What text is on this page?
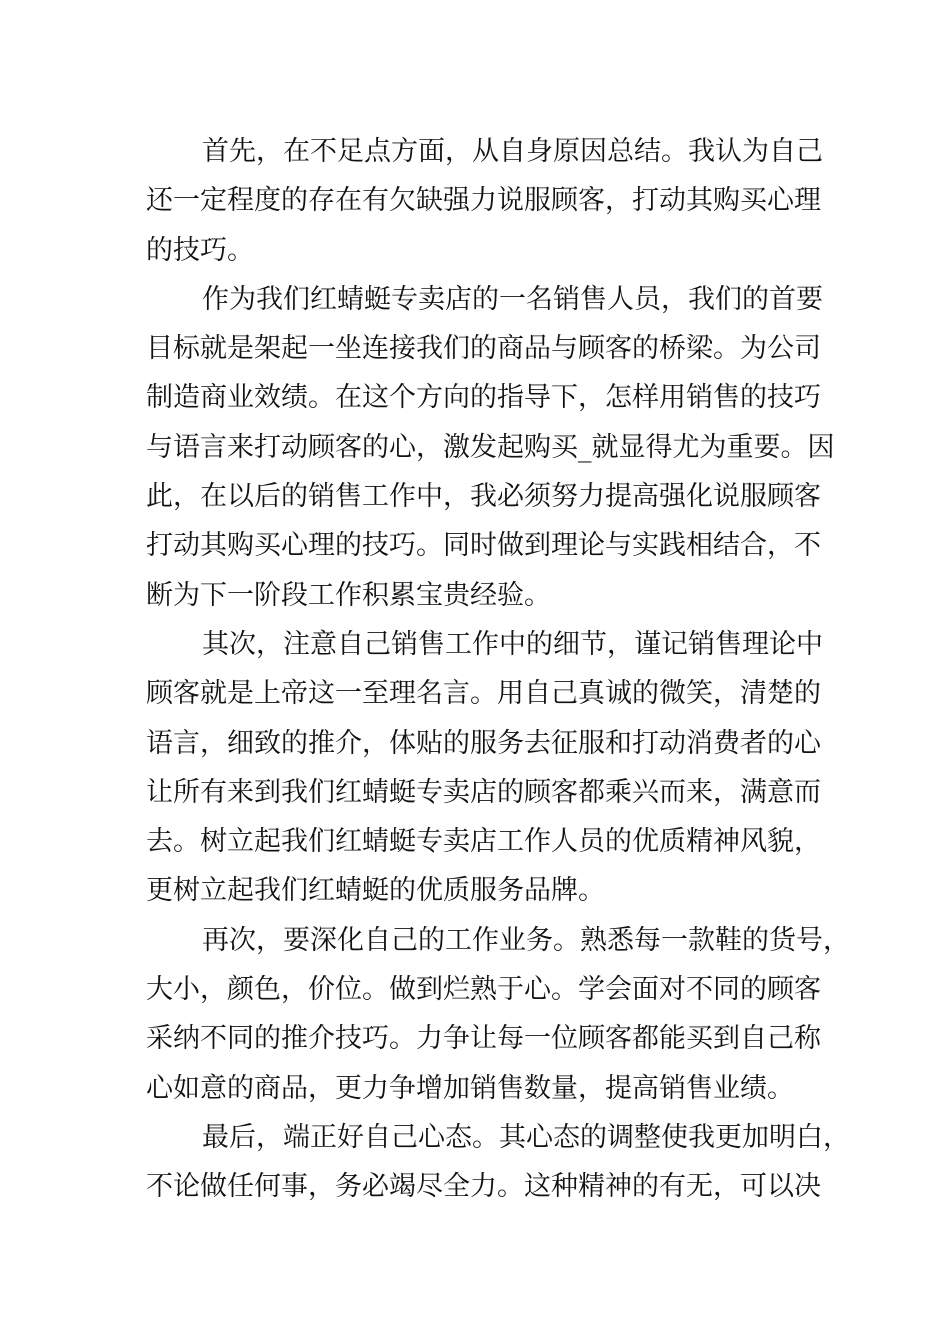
首先，在不足点方面，从自身原因总结。我认为自己
还一定程度的存在有欠缺强力说服顾客，打动其购买心理
的技巧。
作为我们红蜻蜓专卖店的一名销售人员，我们的首要
目标就是架起一坐连接我们的商品与顾客的桥梁。为公司
制造商业效绩。在这个方向的指导下，怎样用销售的技巧
与语言来打动顾客的心，激发起购买_就显得尤为重要。因
此，在以后的销售工作中，我必须努力提高强化说服顾客
打动其购买心理的技巧。同时做到理论与实践相结合，不
断为下一阶段工作积累宝贵经验。
其次，注意自己销售工作中的细节，谨记销售理论中
顾客就是上帝这一至理名言。用自己真诚的微笑，清楚的
语言，细致的推介，体贴的服务去征服和打动消费者的心
让所有来到我们红蜻蜓专卖店的顾客都乘兴而来，满意而
去。树立起我们红蜻蜓专卖店工作人员的优质精神风貌，
更树立起我们红蜻蜓的优质服务品牌。
再次，要深化自己的工作业务。熟悉每一款鞋的货号，
大小，颜色，价位。做到烂熟于心。学会面对不同的顾客
采纳不同的推介技巧。力争让每一位顾客都能买到自己称
心如意的商品，更力争增加销售数量，提高销售业绩。
最后，端正好自己心态。其心态的调整使我更加明白，
不论做任何事，务必竭尽全力。这种精神的有无，可以决
